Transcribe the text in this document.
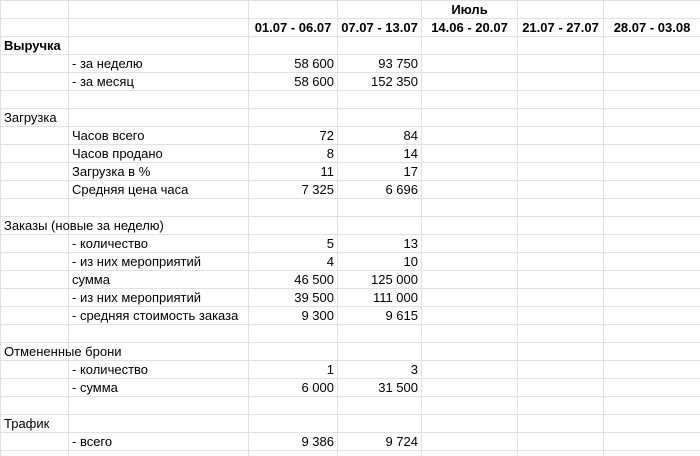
				Июль		
		01.07 - 06.07	07.07 - 13.07	14.06 - 20.07	21.07 - 27.07	28.07 - 03.08
Выручка						
	- за неделю	58 600	93 750			
	- за месяц	58 600	152 350			

Загрузка						
	Часов всего	72	84			
	Часов продано	8	14			
	Загрузка в %	11	17			
	Средняя цена часа	7 325	6 696			

Заказы (новые за неделю)						
	- количество	5	13			
	- из них мероприятий	4	10			
	сумма	46 500	125 000			
	- из них мероприятий	39 500	111 000			
	- средняя стоимость заказа	9 300	9 615			

Отмененные брони						
	- количество	1	3			
	- сумма	6 000	31 500			

Трафик						
	- всего	9 386	9 724			
